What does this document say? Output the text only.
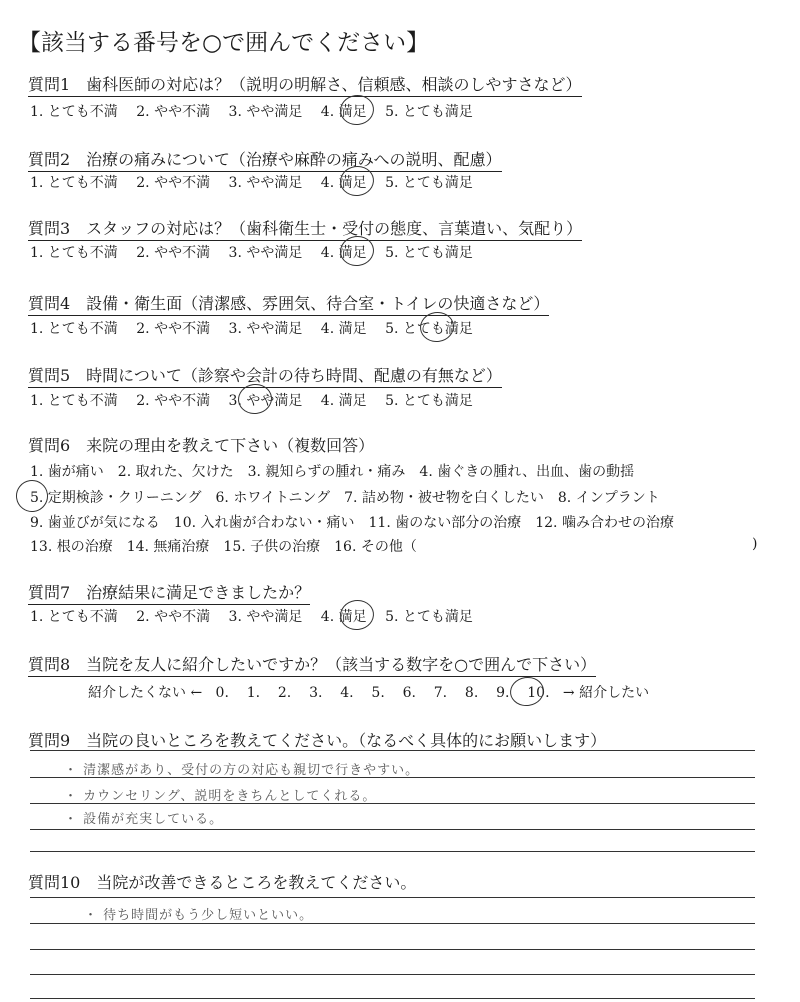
【該当する番号を○で囲んでください】
質問1　歯科医師の対応は？（説明の明解さ、信頼感、相談のしやすさなど）
1. とても不満　 2. やや不満　 3. やや満足　 4. 満足　 5. とても満足
質問2　治療の痛みについて（治療や麻酔の痛みへの説明、配慮）
1. とても不満　 2. やや不満　 3. やや満足　 4. 満足　 5. とても満足
質問3　スタッフの対応は？（歯科衛生士・受付の態度、言葉遣い、気配り）
1. とても不満　 2. やや不満　 3. やや満足　 4. 満足　 5. とても満足
質問4　設備・衛生面（清潔感、雰囲気、待合室・トイレの快適さなど）
1. とても不満　 2. やや不満　 3. やや満足　 4. 満足　 5. とても満足
質問5　時間について（診察や会計の待ち時間、配慮の有無など）
1. とても不満　 2. やや不満　 3. やや満足　 4. 満足　 5. とても満足
質問6　来院の理由を教えて下さい（複数回答）
1. 歯が痛い　2. 取れた、欠けた　3. 親知らずの腫れ・痛み　4. 歯ぐきの腫れ、出血、歯の動揺
5. 定期検診・クリーニング　6. ホワイトニング　7. 詰め物・被せ物を白くしたい　8. インプラント
9. 歯並びが気になる　10. 入れ歯が合わない・痛い　11. 歯のない部分の治療　12. 噛み合わせの治療
13. 根の治療　14. 無痛治療　15. 子供の治療　16. その他（	)
質問7　治療結果に満足できましたか？
1. とても不満　 2. やや不満　 3. やや満足　 4. 満足　 5. とても満足
質問8　当院を友人に紹介したいですか？（該当する数字を○で囲んで下さい）
紹介したくない ← 0. 1. 2. 3. 4. 5. 6. 7. 8. 9. 10. → 紹介したい
質問9　当院の良いところを教えてください。（なるべく具体的にお願いします）
・ 清潔感があり、受付の方の対応も親切で行きやすい。
・ カウンセリング、説明をきちんとしてくれる。
・ 設備が充実している。
質問10　当院が改善できるところを教えてください。
・ 待ち時間がもう少し短いといい。
